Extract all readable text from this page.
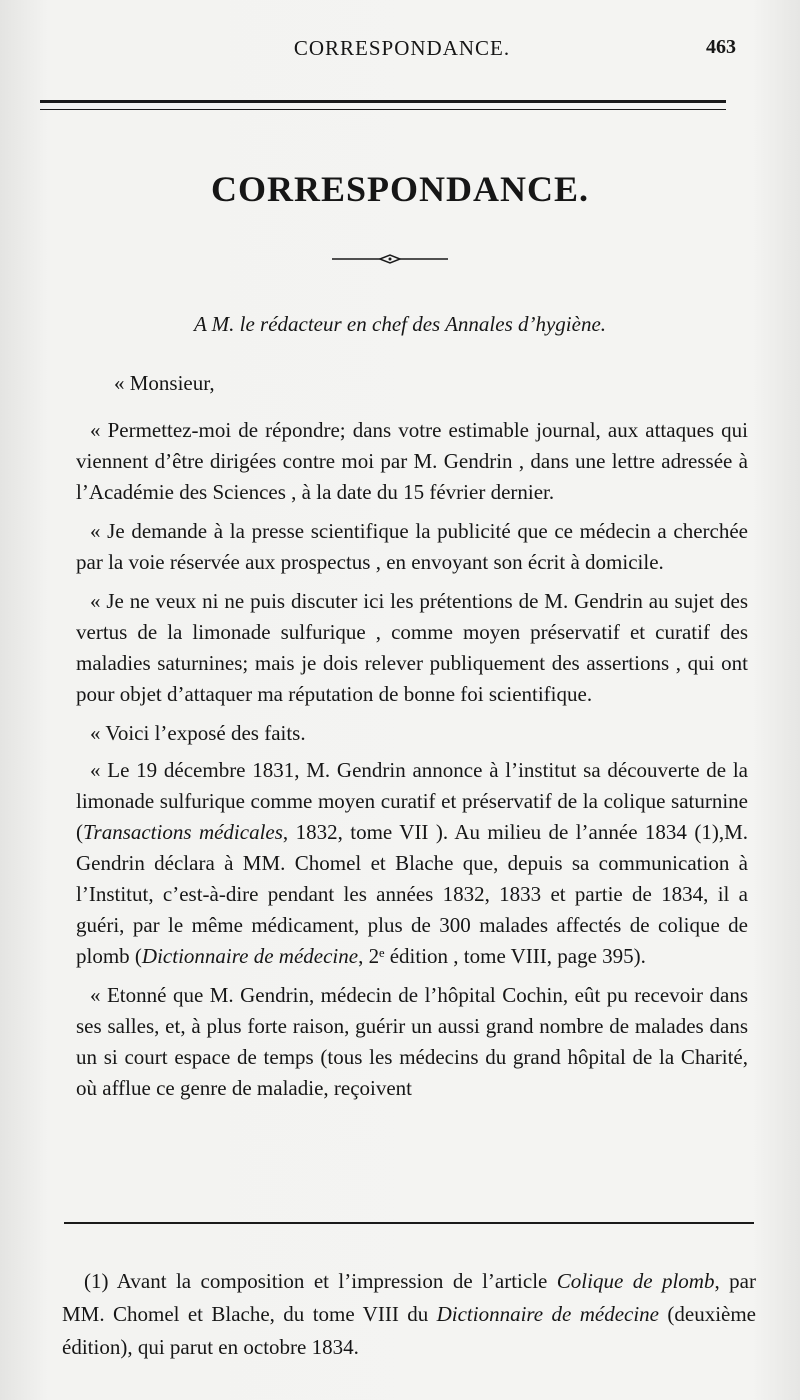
CORRESPONDANCE.	463
CORRESPONDANCE.
A M. le rédacteur en chef des Annales d’hygiène.

« Monsieur,

« Permettez-moi de répondre; dans votre estimable journal, aux attaques qui viennent d’être dirigées contre moi par M. Gendrin , dans une lettre adressée à l’Académie des Sciences , à la date du 15 février dernier.

« Je demande à la presse scientifique la publicité que ce médecin a cherchée par la voie réservée aux prospectus , en envoyant son écrit à domicile.

« Je ne veux ni ne puis discuter ici les prétentions de M. Gendrin au sujet des vertus de la limonade sulfurique , comme moyen préservatif et curatif des maladies saturnines; mais je dois relever publiquement des assertions , qui ont pour objet d’attaquer ma réputation de bonne foi scientifique.

« Voici l’exposé des faits.

« Le 19 décembre 1831, M. Gendrin annonce à l’institut sa découverte de la limonade sulfurique comme moyen curatif et préservatif de la colique saturnine (Transactions médicales, 1832, tome VII ). Au milieu de l’année 1834 (1),M. Gendrin déclara à MM. Chomel et Blache que, depuis sa communication à l’Institut, c’est-à-dire pendant les années 1832, 1833 et partie de 1834, il a guéri, par le même médicament, plus de 300 malades affectés de colique de plomb (Dictionnaire de médecine, 2ᵉ édition , tome VIII, page 395).

« Etonné que M. Gendrin, médecin de l’hôpital Cochin, eût pu recevoir dans ses salles, et, à plus forte raison, guérir un aussi grand nombre de malades dans un si court espace de temps (tous les médecins du grand hôpital de la Charité, où afflue ce genre de maladie, reçoivent

(1) Avant la composition et l’impression de l’article Colique de plomb, par MM. Chomel et Blache, du tome VIII du Dictionnaire de médecine (deuxième édition), qui parut en octobre 1834.
